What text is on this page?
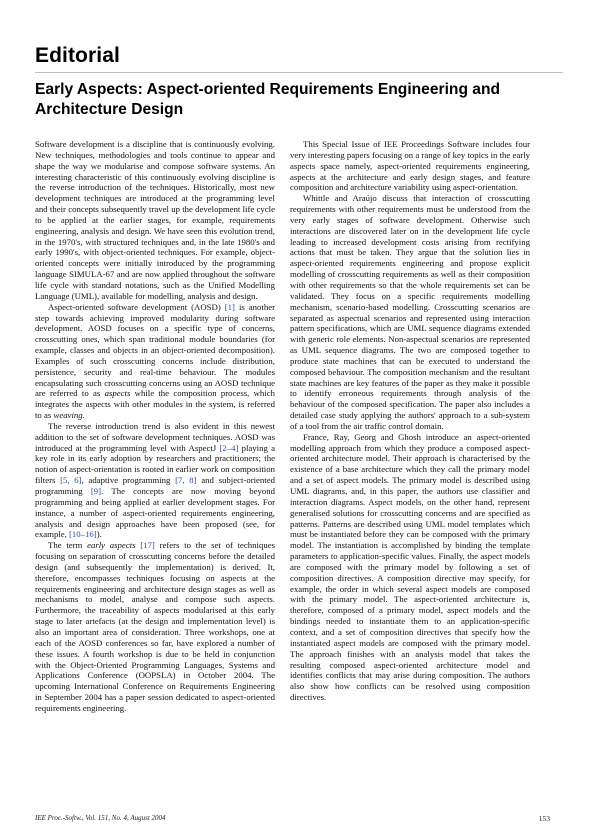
Editorial
Early Aspects: Aspect-oriented Requirements Engineering and Architecture Design

Software development is a discipline that is continuously evolving. New techniques, methodologies and tools continue to appear and shape the way we modularise and compose software systems. An interesting characteristic of this continuously evolving discipline is the reverse introduction of the techniques. Historically, most new development techniques are introduced at the programming level and their concepts subsequently travel up the development life cycle to be applied at the earlier stages, for example, requirements engineering, analysis and design. We have seen this evolution trend, in the 1970's, with structured techniques and, in the late 1980's and early 1990's, with object-oriented techniques. For example, object-oriented concepts were initially introduced by the programming language SIMULA-67 and are now applied throughout the software life cycle with standard notations, such as the Unified Modelling Language (UML), available for modelling, analysis and design.

Aspect-oriented software development (AOSD) [1] is another step towards achieving improved modularity during software development. AOSD focuses on a specific type of concerns, crosscutting ones, which span traditional module boundaries (for example, classes and objects in an object-oriented decomposition). Examples of such crosscutting concerns include distribution, persistence, security and real-time behaviour. The modules encapsulating such crosscutting concerns using an AOSD technique are referred to as aspects while the composition process, which integrates the aspects with other modules in the system, is referred to as weaving.

The reverse introduction trend is also evident in this newest addition to the set of software development techniques. AOSD was introduced at the programming level with AspectJ [2–4] playing a key role in its early adoption by researchers and practitioners; the notion of aspect-orientation is rooted in earlier work on composition filters [5, 6], adaptive programming [7, 8] and subject-oriented programming [9]. The concepts are now moving beyond programming and being applied at earlier development stages. For instance, a number of aspect-oriented requirements engineering, analysis and design approaches have been proposed (see, for example, [10–16]).

The term early aspects [17] refers to the set of techniques focusing on separation of crosscutting concerns before the detailed design (and subsequently the implementation) is derived. It, therefore, encompasses techniques focusing on aspects at the requirements engineering and architecture design stages as well as mechanisms to model, analyse and compose such aspects. Furthermore, the traceability of aspects modularised at this early stage to later artefacts (at the design and implementation level) is also an important area of consideration. Three workshops, one at each of the AOSD conferences so far, have explored a number of these issues. A fourth workshop is due to be held in conjunction with the Object-Oriented Programming Languages, Systems and Applications Conference (OOPSLA) in October 2004. The upcoming International Conference on Requirements Engineering in September 2004 has a paper session dedicated to aspect-oriented requirements engineering.

This Special Issue of IEE Proceedings Software includes four very interesting papers focusing on a range of key topics in the early aspects space namely, aspect-oriented requirements engineering, aspects at the architecture and early design stages, and feature composition and architecture variability using aspect-orientation.

Whittle and Araújo discuss that interaction of crosscutting requirements with other requirements must be understood from the very early stages of software development. Otherwise such interactions are discovered later on in the development life cycle leading to increased development costs arising from rectifying actions that must be taken. They argue that the solution lies in aspect-oriented requirements engineering and propose explicit modelling of crosscutting requirements as well as their composition with other requirements so that the whole requirements set can be validated. They focus on a specific requirements modelling mechanism, scenario-based modelling. Crosscutting scenarios are separated as aspectual scenarios and represented using interaction pattern specifications, which are UML sequence diagrams extended with generic role elements. Non-aspectual scenarios are represented as UML sequence diagrams. The two are composed together to produce state machines that can be executed to understand the composed behaviour. The composition mechanism and the resultant state machines are key features of the paper as they make it possible to identify erroneous requirements through analysis of the behaviour of the composed specification. The paper also includes a detailed case study applying the authors' approach to a sub-system of a tool from the air traffic control domain.

France, Ray, Georg and Ghosh introduce an aspect-oriented modelling approach from which they produce a composed aspect-oriented architecture model. Their approach is characterised by the existence of a base architecture which they call the primary model and a set of aspect models. The primary model is described using UML diagrams, and, in this paper, the authors use classifier and interaction diagrams. Aspect models, on the other hand, represent generalised solutions for crosscutting concerns and are specified as patterns. Patterns are described using UML model templates which must be instantiated before they can be composed with the primary model. The instantiation is accomplished by binding the template parameters to application-specific values. Finally, the aspect models are composed with the primary model by following a set of composition directives. A composition directive may specify, for example, the order in which several aspect models are composed with the primary model. The aspect-oriented architecture is, therefore, composed of a primary model, aspect models and the bindings needed to instantiate them to an application-specific context, and a set of composition directives that specify how the instantiated aspect models are composed with the primary model. The approach finishes with an analysis model that takes the resulting composed aspect-oriented architecture model and identifies conflicts that may arise during composition. The authors also show how conflicts can be resolved using composition directives.

IEE Proc.-Softw., Vol. 151, No. 4, August 2004	153
